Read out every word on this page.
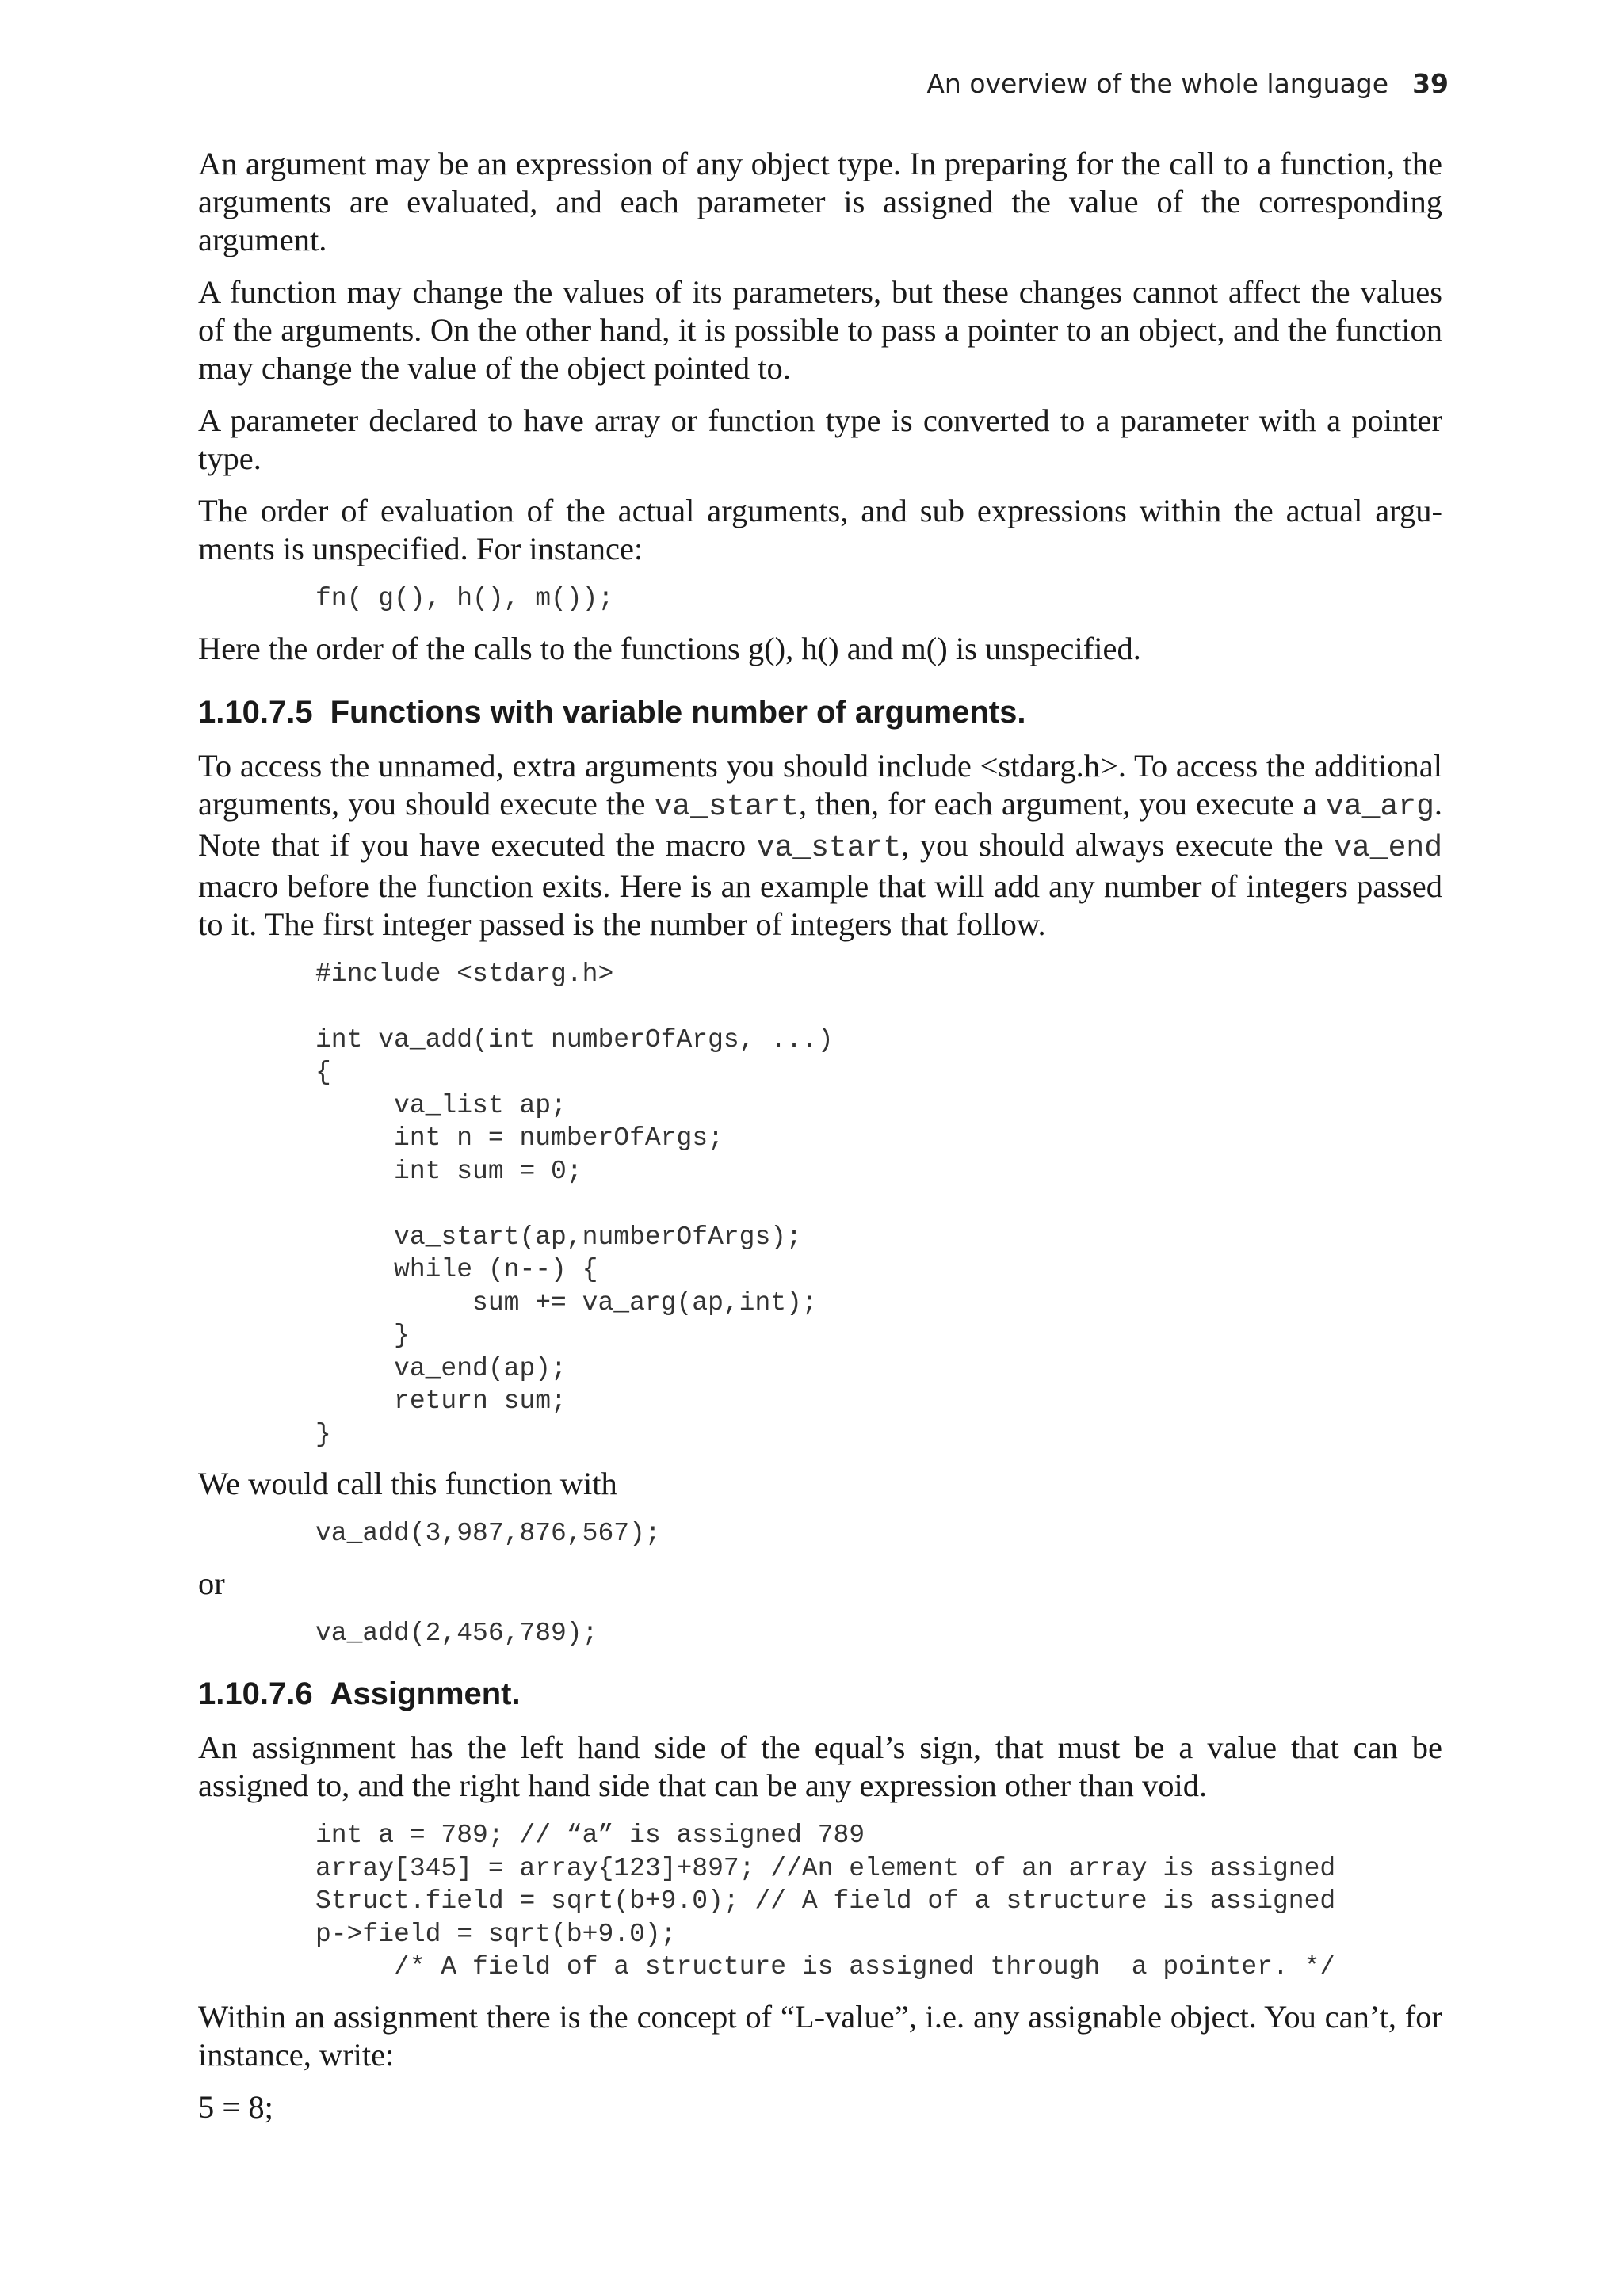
An overview of the whole language 39

An argument may be an expression of any object type. In preparing for the call to a function, the arguments are evaluated, and each parameter is assigned the value of the corresponding argument.

A function may change the values of its parameters, but these changes cannot affect the values of the arguments. On the other hand, it is possible to pass a pointer to an object, and the function may change the value of the object pointed to.

A parameter declared to have array or function type is converted to a parameter with a pointer type.

The order of evaluation of the actual arguments, and sub expressions within the actual arguments is unspecified. For instance:

fn( g(), h(), m());

Here the order of the calls to the functions g(), h() and m() is unspecified.

1.10.7.5 Functions with variable number of arguments.

To access the unnamed, extra arguments you should include <stdarg.h>. To access the additional arguments, you should execute the va_start, then, for each argument, you execute a va_arg. Note that if you have executed the macro va_start, you should always execute the va_end macro before the function exits. Here is an example that will add any number of integers passed to it. The first integer passed is the number of integers that follow.

#include <stdarg.h>

int va_add(int numberOfArgs, ...)
{
va_list ap;
int n = numberOfArgs;
int sum = 0;

va_start(ap,numberOfArgs);
while (n--) {
sum += va_arg(ap,int);
}
va_end(ap);
return sum;
}

We would call this function with

va_add(3,987,876,567);

or

va_add(2,456,789);
1.10.7.6 Assignment.

An assignment has the left hand side of the equal’s sign, that must be a value that can be assigned to, and the right hand side that can be any expression other than void.

int a = 789; // “a” is assigned 789
array[345] = array{123]+897; //An element of an array is assigned
Struct.field = sqrt(b+9.0); // A field of a structure is assigned
p->field = sqrt(b+9.0);
/* A field of a structure is assigned through  a pointer. */

Within an assignment there is the concept of “L-value”, i.e. any assignable object. You can’t, for instance, write:

5 = 8;
